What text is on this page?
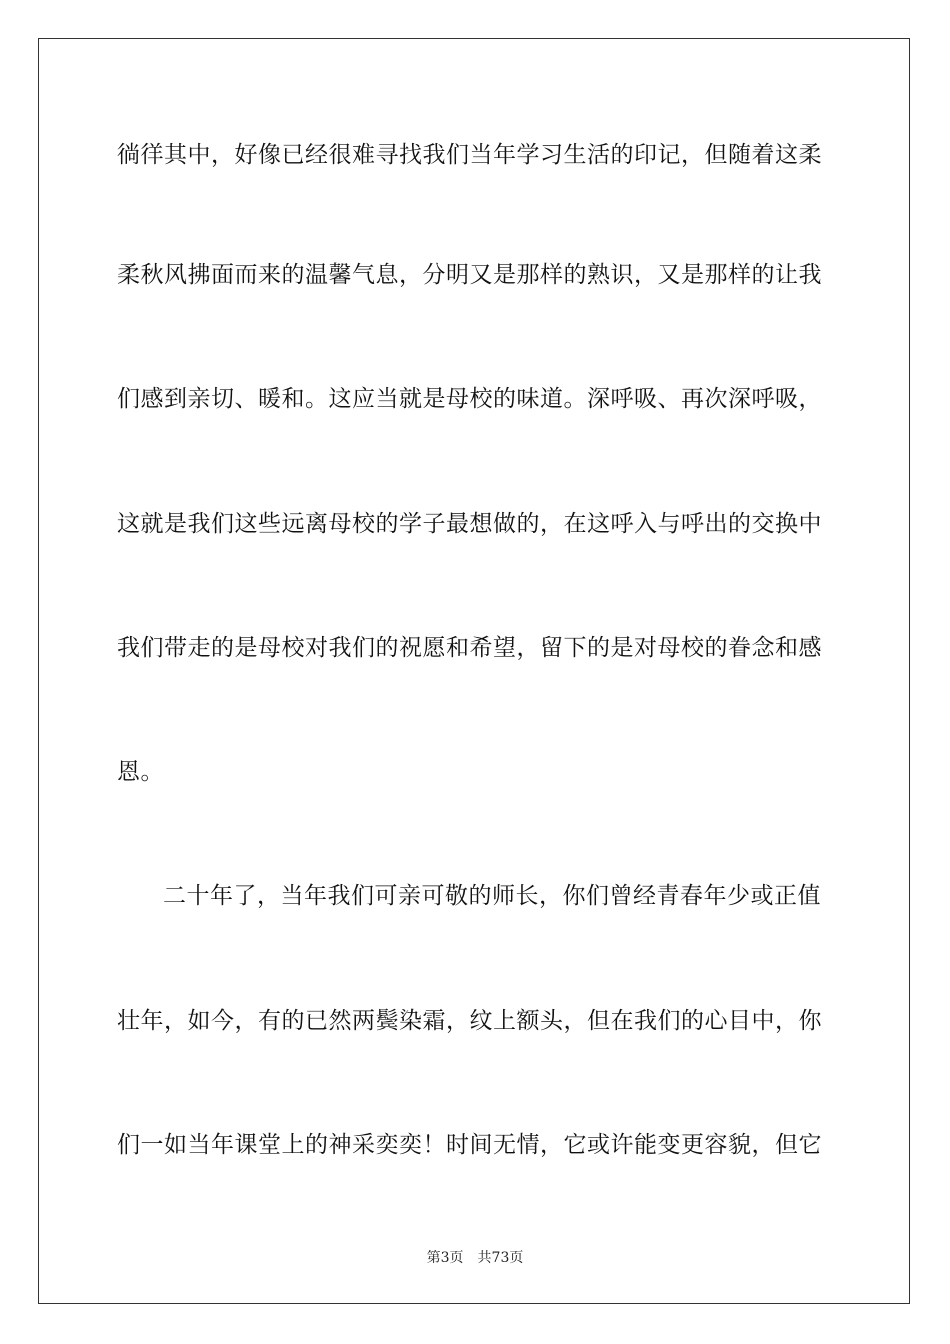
徜徉其中，好像已经很难寻找我们当年学习生活的印记，但随着这柔
柔秋风拂面而来的温馨气息，分明又是那样的熟识，又是那样的让我
们感到亲切、暖和。这应当就是母校的味道。深呼吸、再次深呼吸，
这就是我们这些远离母校的学子最想做的，在这呼入与呼出的交换中
我们带走的是母校对我们的祝愿和希望，留下的是对母校的眷念和感
恩。
二十年了，当年我们可亲可敬的师长，你们曾经青春年少或正值
壮年，如今，有的已然两鬓染霜，纹上额头，但在我们的心目中，你
们一如当年课堂上的神采奕奕！时间无情，它或许能变更容貌，但它
第3页 共73页
